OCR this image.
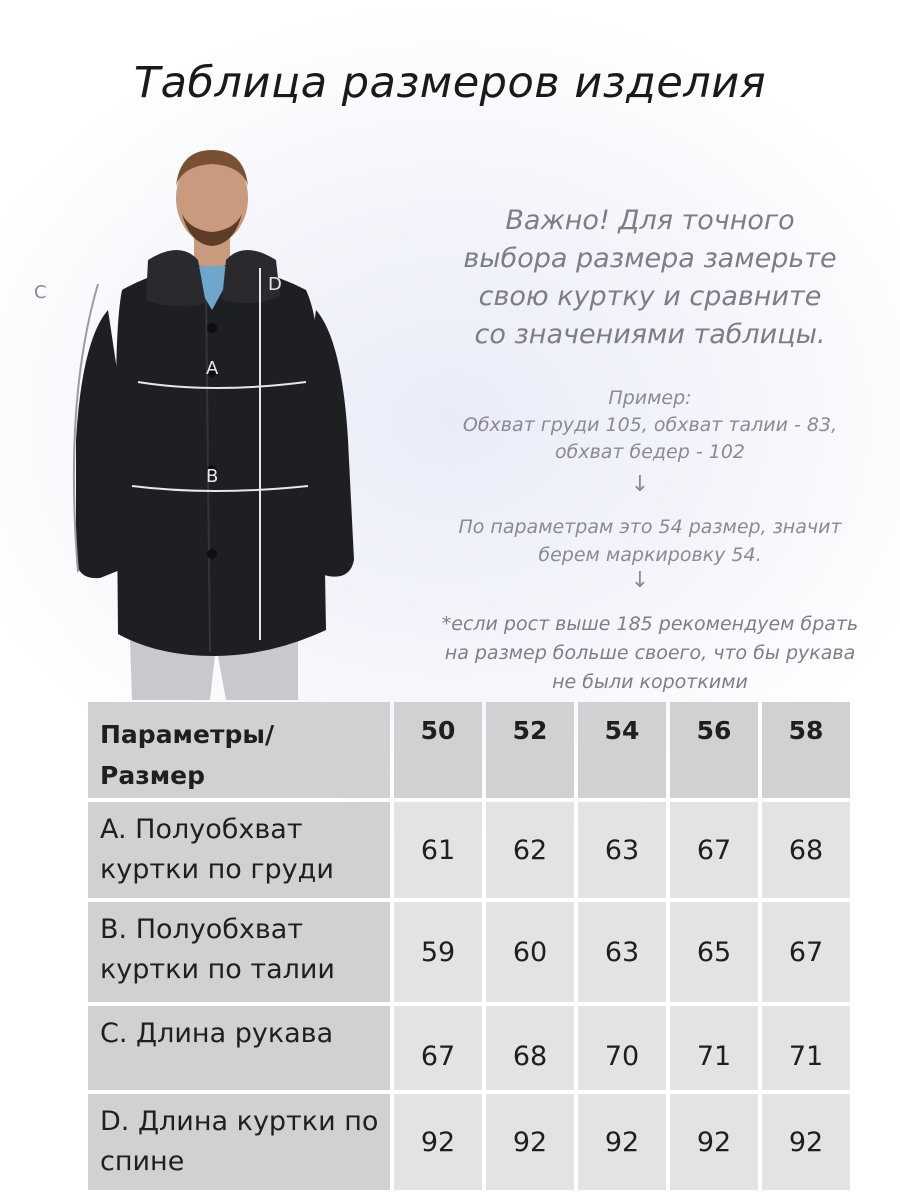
Таблица размеров изделия
A
B
D
C
Важно! Для точного
выбора размера замерьте
свою куртку и сравните
со значениями таблицы.
Пример:
Обхват груди 105, обхват талии - 83,
обхват бедер - 102
↓
По параметрам это 54 размер, значит
берем маркировку 54.
↓
*если рост выше 185 рекомендуем брать
на размер больше своего, что бы рукава
не были короткими
Параметры/
Размер	50	52	54	56	58

A. Полуобхват
куртки по груди	61	62	63	67	68

B. Полуобхват
куртки по талии	59	60	63	65	67

C. Длина рукава	67	68	70	71	71

D. Длина куртки по
спине	92	92	92	92	92
